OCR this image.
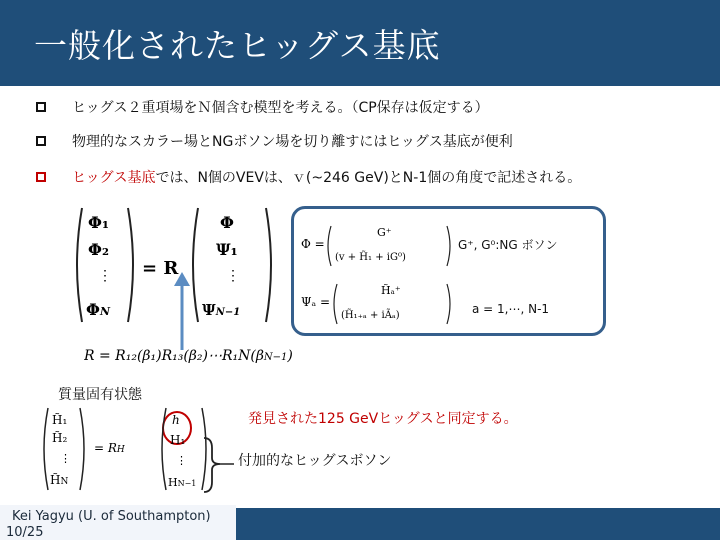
一般化されたヒッグス基底
ヒッグス２重項場をＮ個含む模型を考える。（CP保存は仮定する）
物理的なスカラー場とNGボソン場を切り離すにはヒッグス基底が便利
ヒッグス基底 では、N個のVEVは、ｖ(~246 GeV)とN-1個の角度で記述される。
Φ₁
Φ₂
⋮
ΦN
= R
Φ
Ψ₁
⋮
ΨN−1
Φ =
G⁺
(v + H̃₁ + iG⁰)
Ψₐ =
H̃ₐ⁺
(H̃₁₊ₐ + iÃₐ)
G⁺, G⁰:NG ボソン
a = 1,⋯, N-1
R = R₁₂(β₁)R₁₃(β₂)⋯R₁N(βN−1)
質量固有状態
H̃₁
H̃₂
⋮
H̃N
= RH
h
H₁
⋮
HN−1
発見された125 GeVヒッグスと同定する。
付加的なヒッグスボソン
Kei Yagyu (U. of Southampton)
10/25
